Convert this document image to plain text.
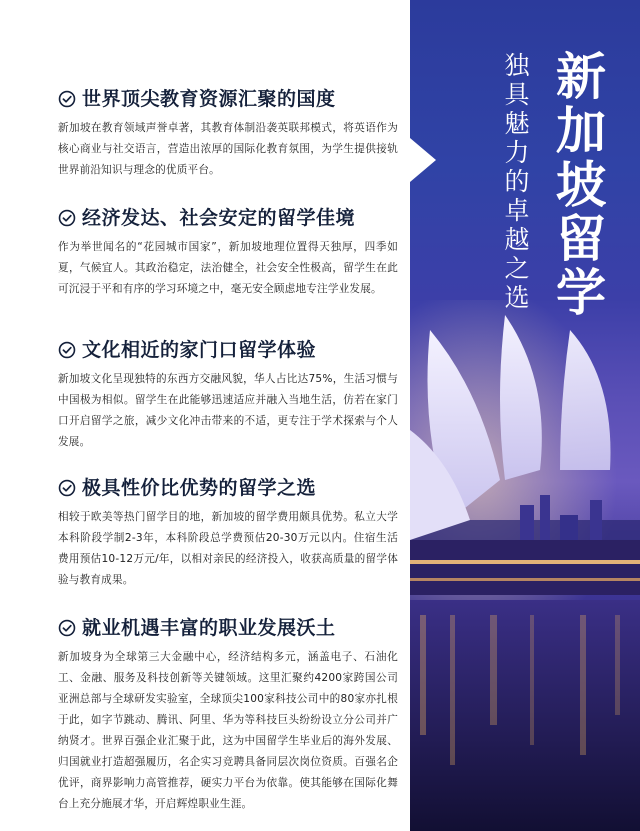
世界顶尖教育资源汇聚的国度
新加坡在教育领域声誉卓著，其教育体制沿袭英联邦模式，将英语作为核心商业与社交语言，营造出浓厚的国际化教育氛围，为学生提供接轨世界前沿知识与理念的优质平台。
经济发达、社会安定的留学佳境
作为举世闻名的“花园城市国家”，新加坡地理位置得天独厚，四季如夏，气候宜人。其政治稳定，法治健全，社会安全性极高，留学生在此可沉浸于平和有序的学习环境之中，毫无安全顾虑地专注学业发展。
文化相近的家门口留学体验
新加坡文化呈现独特的东西方交融风貌，华人占比达75%，生活习惯与中国极为相似。留学生在此能够迅速适应并融入当地生活，仿若在家门口开启留学之旅，减少文化冲击带来的不适，更专注于学术探索与个人发展。
极具性价比优势的留学之选
相较于欧美等热门留学目的地，新加坡的留学费用颇具优势。私立大学本科阶段学制2-3年，本科阶段总学费预估20-30万元以内。住宿生活费用预估10-12万元/年，以相对亲民的经济投入，收获高质量的留学体验与教育成果。
就业机遇丰富的职业发展沃土
新加坡身为全球第三大金融中心，经济结构多元，涵盖电子、石油化工、金融、服务及科技创新等关键领域。这里汇聚约4200家跨国公司亚洲总部与全球研发实验室，全球顶尖100家科技公司中的80家亦扎根于此，如字节跳动、腾讯、阿里、华为等科技巨头纷纷设立分公司并广纳贤才。世界百强企业汇聚于此，这为中国留学生毕业后的海外发展、归国就业打造超强履历，名企实习竞聘具备同层次岗位资质。百强名企优评，商界影响力高管推荐，硬实力平台为依靠。使其能够在国际化舞台上充分施展才华，开启辉煌职业生涯。
新加坡留学
独具魅力的卓越之选
